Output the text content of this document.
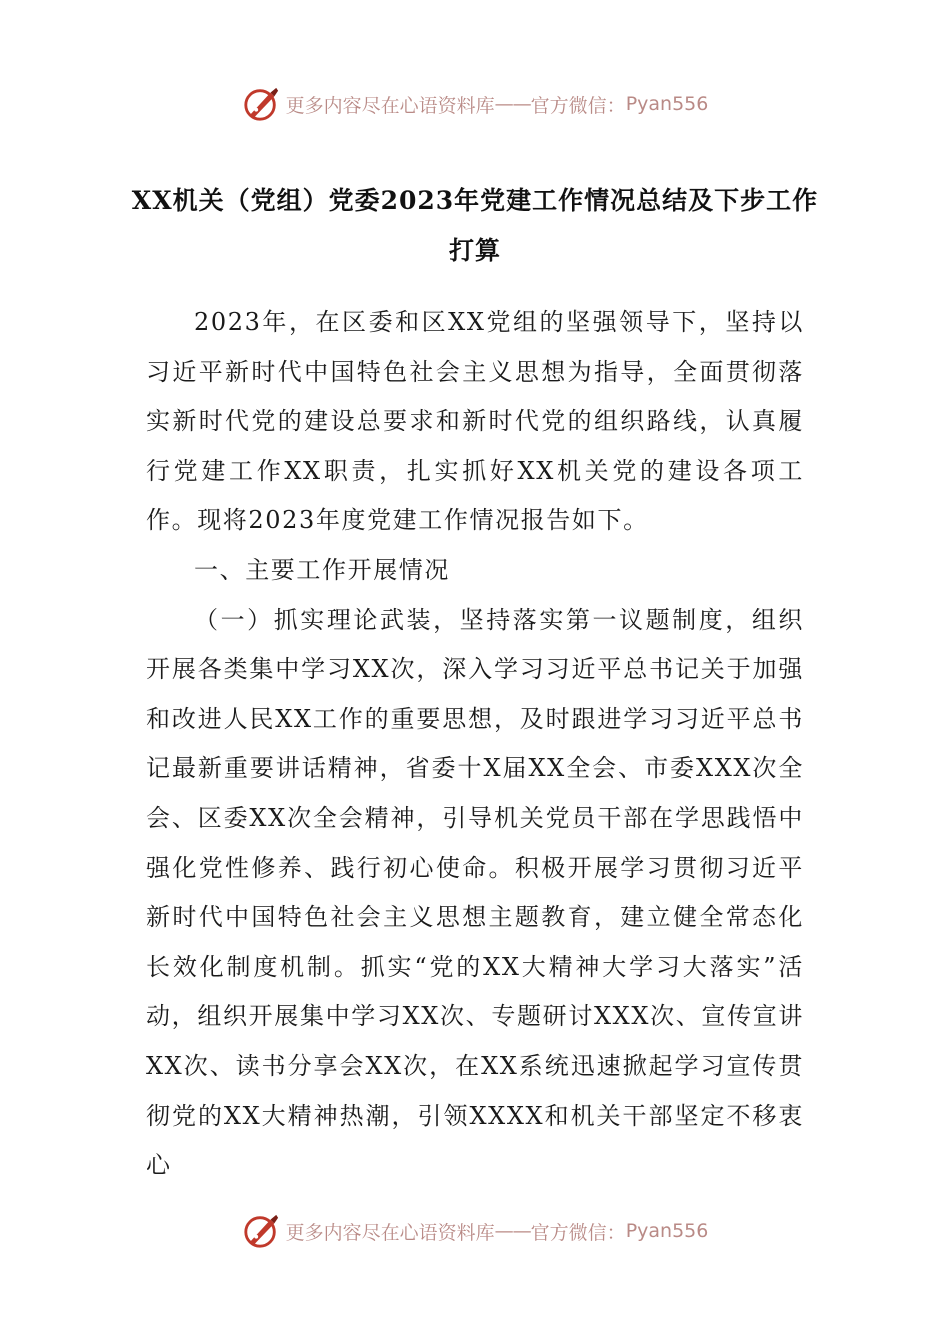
更多内容尽在心语资料库 —— 官方微信： Pyan556
XX机关（党组）党委2023年党建工作情况总结及下步工作打算

2023年，在区委和区XX党组的坚强领导下，坚持以习近平新时代中国特色社会主义思想为指导，全面贯彻落实新时代党的建设总要求和新时代党的组织路线，认真履行党建工作XX职责，扎实抓好XX机关党的建设各项工作。现将2023年度党建工作情况报告如下。

一、主要工作开展情况

（一）抓实理论武装，坚持落实第一议题制度，组织开展各类集中学习XX次，深入学习习近平总书记关于加强和改进人民XX工作的重要思想，及时跟进学习习近平总书记最新重要讲话精神，省委十X届XX全会、市委XXX次全会、区委XX次全会精神，引导机关党员干部在学思践悟中强化党性修养、践行初心使命。积极开展学习贯彻习近平新时代中国特色社会主义思想主题教育，建立健全常态化长效化制度机制。抓实“党的XX大精神大学习大落实”活动，组织开展集中学习XX次、专题研讨XXX次、宣传宣讲XX次、读书分享会XX次，在XX系统迅速掀起学习宣传贯彻党的XX大精神热潮，引领XXXX和机关干部坚定不移衷心

更多内容尽在心语资料库 —— 官方微信： Pyan556
